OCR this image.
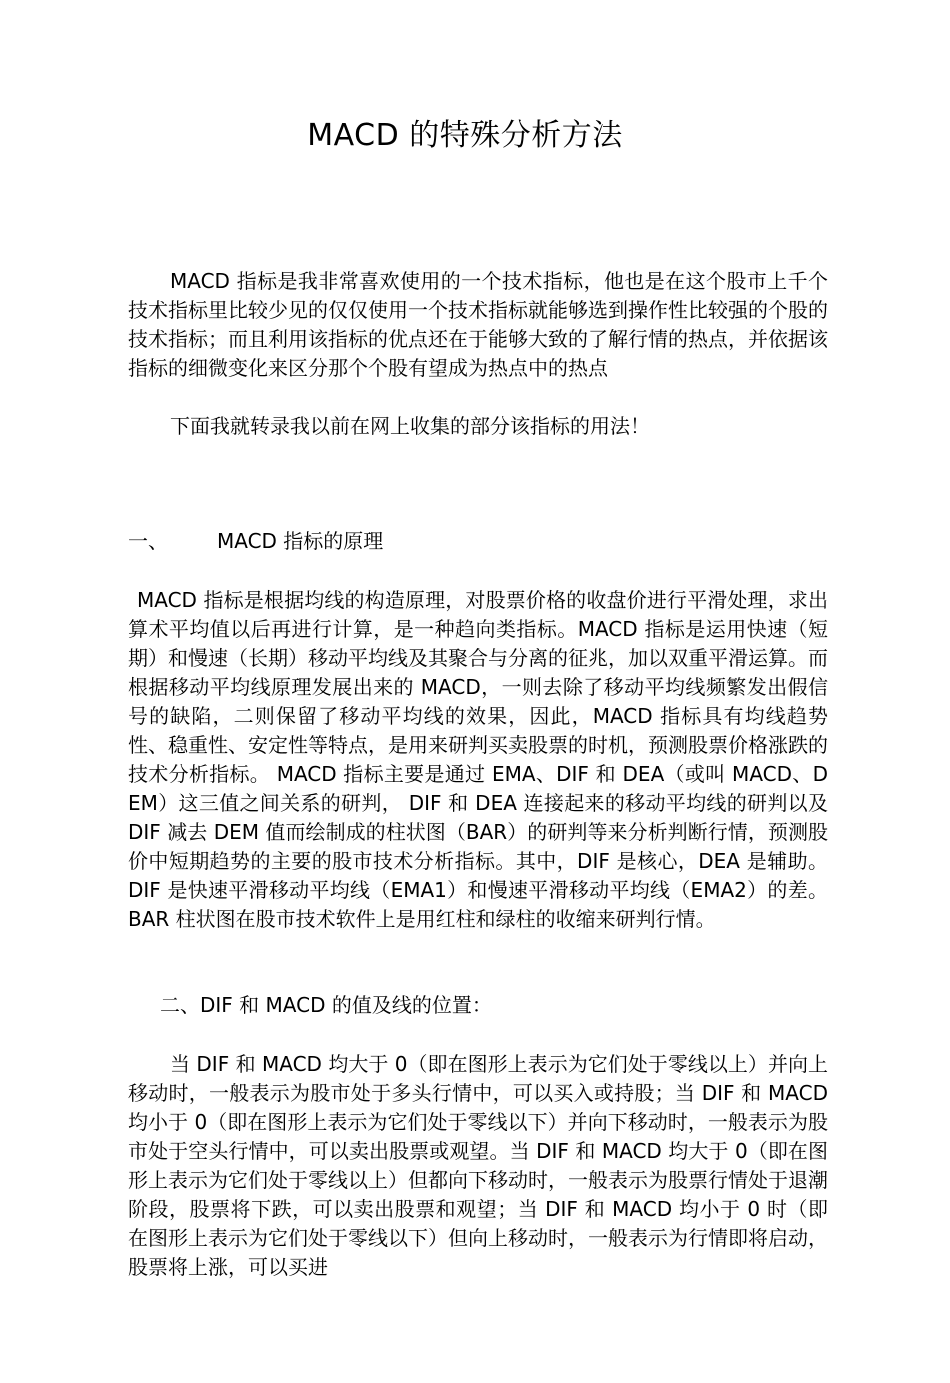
MACD 的特殊分析方法

MACD 指标是我非常喜欢使用的一个技术指标，他也是在这个股市上千个技术指标里比较少见的仅仅使用一个技术指标就能够选到操作性比较强的个股的技术指标；而且利用该指标的优点还在于能够大致的了解行情的热点，并依据该指标的细微变化来区分那个个股有望成为热点中的热点

下面我就转录我以前在网上收集的部分该指标的用法！

一、 MACD 指标的原理

MACD 指标是根据均线的构造原理，对股票价格的收盘价进行平滑处理，求出算术平均值以后再进行计算，是一种趋向类指标。MACD 指标是运用快速（短期）和慢速（长期）移动平均线及其聚合与分离的征兆，加以双重平滑运算。而根据移动平均线原理发展出来的 MACD，一则去除了移动平均线频繁发出假信号的缺陷，二则保留了移动平均线的效果，因此，MACD 指标具有均线趋势性、稳重性、安定性等特点，是用来研判买卖股票的时机，预测股票价格涨跌的技术分析指标。 MACD 指标主要是通过 EMA、DIF 和 DEA（或叫 MACD、DEM）这三值之间关系的研判， DIF 和 DEA 连接起来的移动平均线的研判以及 DIF 减去 DEM 值而绘制成的柱状图（BAR）的研判等来分析判断行情，预测股价中短期趋势的主要的股市技术分析指标。其中，DIF 是核心，DEA 是辅助。DIF 是快速平滑移动平均线（EMA1）和慢速平滑移动平均线（EMA2）的差。BAR 柱状图在股市技术软件上是用红柱和绿柱的收缩来研判行情。

二、DIF 和 MACD 的值及线的位置：

当 DIF 和 MACD 均大于 0（即在图形上表示为它们处于零线以上）并向上移动时，一般表示为股市处于多头行情中，可以买入或持股；当 DIF 和 MACD 均小于 0（即在图形上表示为它们处于零线以下）并向下移动时，一般表示为股市处于空头行情中，可以卖出股票或观望。当 DIF 和 MACD 均大于 0（即在图形上表示为它们处于零线以上）但都向下移动时，一般表示为股票行情处于退潮阶段，股票将下跌，可以卖出股票和观望；当 DIF 和 MACD 均小于 0 时（即在图形上表示为它们处于零线以下）但向上移动时，一般表示为行情即将启动，股票将上涨，可以买进
